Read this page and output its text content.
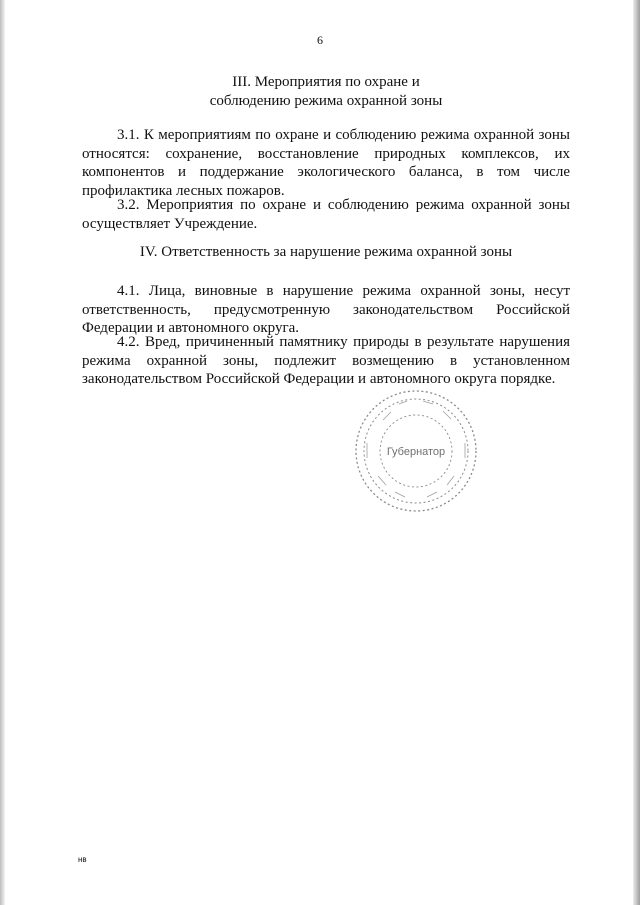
6
III. Мероприятия по охране и
соблюдению режима охранной зоны

3.1. К мероприятиям по охране и соблюдению режима охранной зоны относятся: сохранение, восстановление природных комплексов, их компонентов и поддержание экологического баланса, в том числе профилактика лесных пожаров.

3.2. Мероприятия по охране и соблюдению режима охранной зоны осуществляет Учреждение.

IV. Ответственность за нарушение режима охранной зоны

4.1. Лица, виновные в нарушение режима охранной зоны, несут ответственность, предусмотренную законодательством Российской Федерации и автономного округа.

4.2. Вред, причиненный памятнику природы в результате нарушения режима охранной зоны, подлежит возмещению в установленном законодательством Российской Федерации и автономного округа порядке.

Губернатор
нв
